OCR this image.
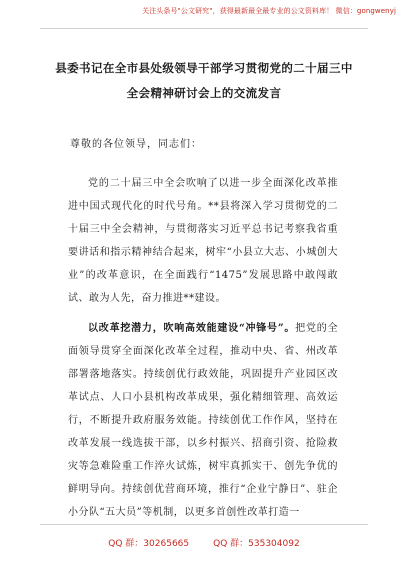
关注头条号"公文研究"，获得最新最全最专业的公文资料库！ 微信：gongwenyj
县委书记在全市县处级领导干部学习贯彻党的二十届三中
全会精神研讨会上的交流发言
尊敬的各位领导，同志们：
党的二十届三中全会吹响了以进一步全面深化改革推进中国式现代化的时代号角。**县将深入学习贯彻党的二十届三中全会精神，与贯彻落实习近平总书记考察我省重要讲话和指示精神结合起来，树牢“小县立大志、小城创大业”的改革意识，在全面践行“1475”发展思路中敢闯敢试、敢为人先，奋力推进**建设。
以改革挖潜力，吹响高效能建设“冲锋号”。把党的全面领导贯穿全面深化改革全过程，推动中央、省、州改革部署落地落实。持续创优行政效能，巩固提升产业园区改革试点、人口小县机构改革成果，强化精细管理、高效运行，不断提升政府服务效能。持续创优工作作风，坚持在改革发展一线选拔干部，以乡村振兴、招商引资、抢险救灾等急难险重工作淬火试炼，树牢真抓实干、创先争优的鲜明导向。持续创优营商环境，推行“企业宁静日”、驻企小分队“五大员”等机制，以更多首创性改革打造一
QQ 群：30265665	QQ 群：535304092
